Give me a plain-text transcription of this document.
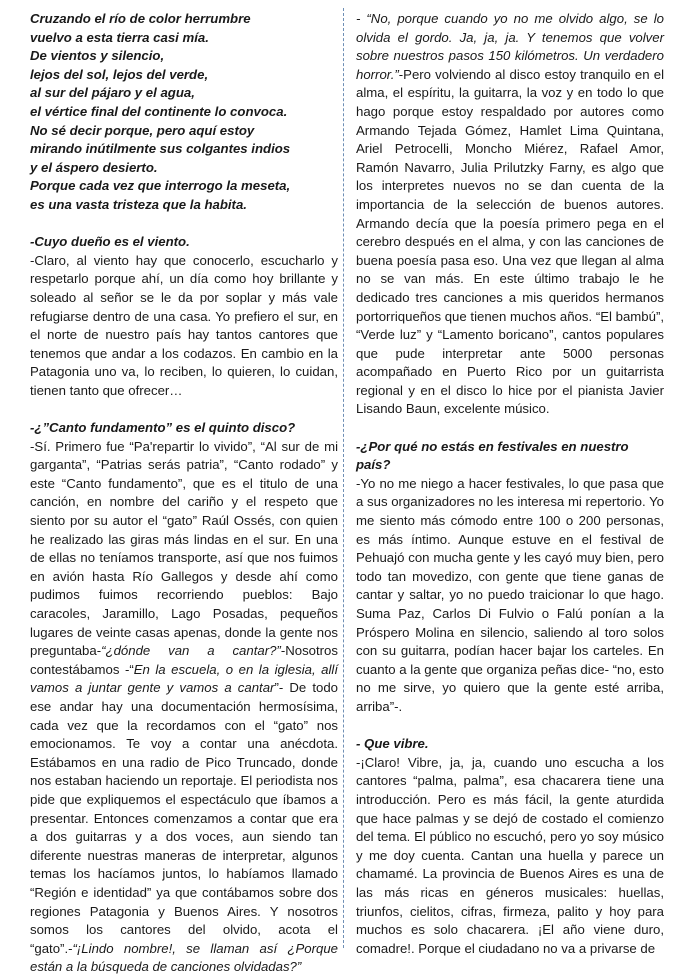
Cruzando el río de color herrumbre

vuelvo a esta tierra casi mía.

De vientos y silencio,

lejos del sol, lejos del verde,

al sur del pájaro y el agua,

el vértice final del continente lo convoca.

No sé decir porque, pero aquí estoy

mirando inútilmente sus colgantes indios

y el áspero desierto.

Porque cada vez que interrogo la meseta,

es una vasta tristeza que la habita.

-Cuyo dueño es el viento.

-Claro, al viento hay que conocerlo, escucharlo y respetarlo porque ahí, un día como hoy brillante y soleado al señor se le da por soplar y más vale refugiarse dentro de una casa. Yo prefiero el sur, en el norte de nuestro país hay tantos cantores que tenemos que andar a los codazos. En cambio en la Patagonia uno va, lo reciben, lo quieren, lo cuidan, tienen tanto que ofrecer…

-¿”Canto fundamento” es el quinto disco?

-Sí. Primero fue “Pa'repartir lo vivido”, “Al sur de mi garganta”, “Patrias serás patria”, “Canto rodado” y este “Canto fundamento”, que es el titulo de una canción, en nombre del cariño y el respeto que siento por su autor el “gato” Raúl Ossés, con quien he realizado las giras más lindas en el sur. En una de ellas no teníamos transporte, así que nos fuimos en avión hasta Río Gallegos y desde ahí como pudimos fuimos recorriendo pueblos: Bajo caracoles, Jaramillo, Lago Posadas, pequeños lugares de veinte casas apenas, donde la gente nos preguntaba-“¿dónde van a cantar?”-Nosotros contestábamos -“En la escuela, o en la iglesia, allí vamos a juntar gente y vamos a cantar”- De todo ese andar hay una documentación hermosísima, cada vez que la recordamos con el “gato” nos emocionamos. Te voy a contar una anécdota. Estábamos en una radio de Pico Truncado, donde nos estaban haciendo un reportaje. El periodista nos pide que expliquemos el espectáculo que íbamos a presentar. Entonces comenzamos a contar que era a dos guitarras y a dos voces, aun siendo tan diferente nuestras maneras de interpretar, algunos temas los hacíamos juntos, lo habíamos llamado “Región e identidad” ya que contábamos sobre dos regiones Patagonia y Buenos Aires. Y nosotros somos los cantores del olvido, acota el “gato”.-“¡Lindo nombre!, se llaman así ¿Porque están a la búsqueda de canciones olvidadas?”

- “No, porque cuando yo no me olvido algo, se lo olvida el gordo. Ja, ja, ja. Y tenemos que volver sobre nuestros pasos 150 kilómetros. Un verdadero horror.”-Pero volviendo al disco estoy tranquilo en el alma, el espíritu, la guitarra, la voz y en todo lo que hago porque estoy respaldado por autores como Armando Tejada Gómez, Hamlet Lima Quintana, Ariel Petrocelli, Moncho Miérez, Rafael Amor, Ramón Navarro, Julia Prilutzky Farny, es algo que los interpretes nuevos no se dan cuenta de la importancia de la selección de buenos autores. Armando decía que la poesía primero pega en el cerebro después en el alma, y con las canciones de buena poesía pasa eso. Una vez que llegan al alma no se van más. En este último trabajo le he dedicado tres canciones a mis queridos hermanos portorriqueños que tienen muchos años. “El bambú”, “Verde luz” y “Lamento boricano”, cantos populares que pude interpretar ante 5000 personas acompañado en Puerto Rico por un guitarrista regional y en el disco lo hice por el pianista Javier Lisando Baun, excelente músico.

-¿Por qué no estás en festivales en nuestro país?

-Yo no me niego a hacer festivales, lo que pasa que a sus organizadores no les interesa mi repertorio. Yo me siento más cómodo entre 100 o 200 personas, es más íntimo. Aunque estuve en el festival de Pehuajó con mucha gente y les cayó muy bien, pero todo tan movedizo, con gente que tiene ganas de cantar y saltar, yo no puedo traicionar lo que hago. Suma Paz, Carlos Di Fulvio o Falú ponían a la Próspero Molina en silencio, saliendo al toro solos con su guitarra, podían hacer bajar los carteles. En cuanto a la gente que organiza peñas dice- “no, esto no me sirve, yo quiero que la gente esté arriba, arriba”-.

- Que vibre.

-¡Claro! Vibre, ja, ja, cuando uno escucha a los cantores “palma, palma”, esa chacarera tiene una introducción. Pero es más fácil, la gente aturdida que hace palmas y se dejó de costado el comienzo del tema. El público no escuchó, pero yo soy músico y me doy cuenta. Cantan una huella y parece un chamamé. La provincia de Buenos Aires es una de las más ricas en géneros musicales: huellas, triunfos, cielitos, cifras, firmeza, palito y hoy para muchos es solo chacarera. ¡El año viene duro, comadre!. Porque el ciudadano no va a privarse de
